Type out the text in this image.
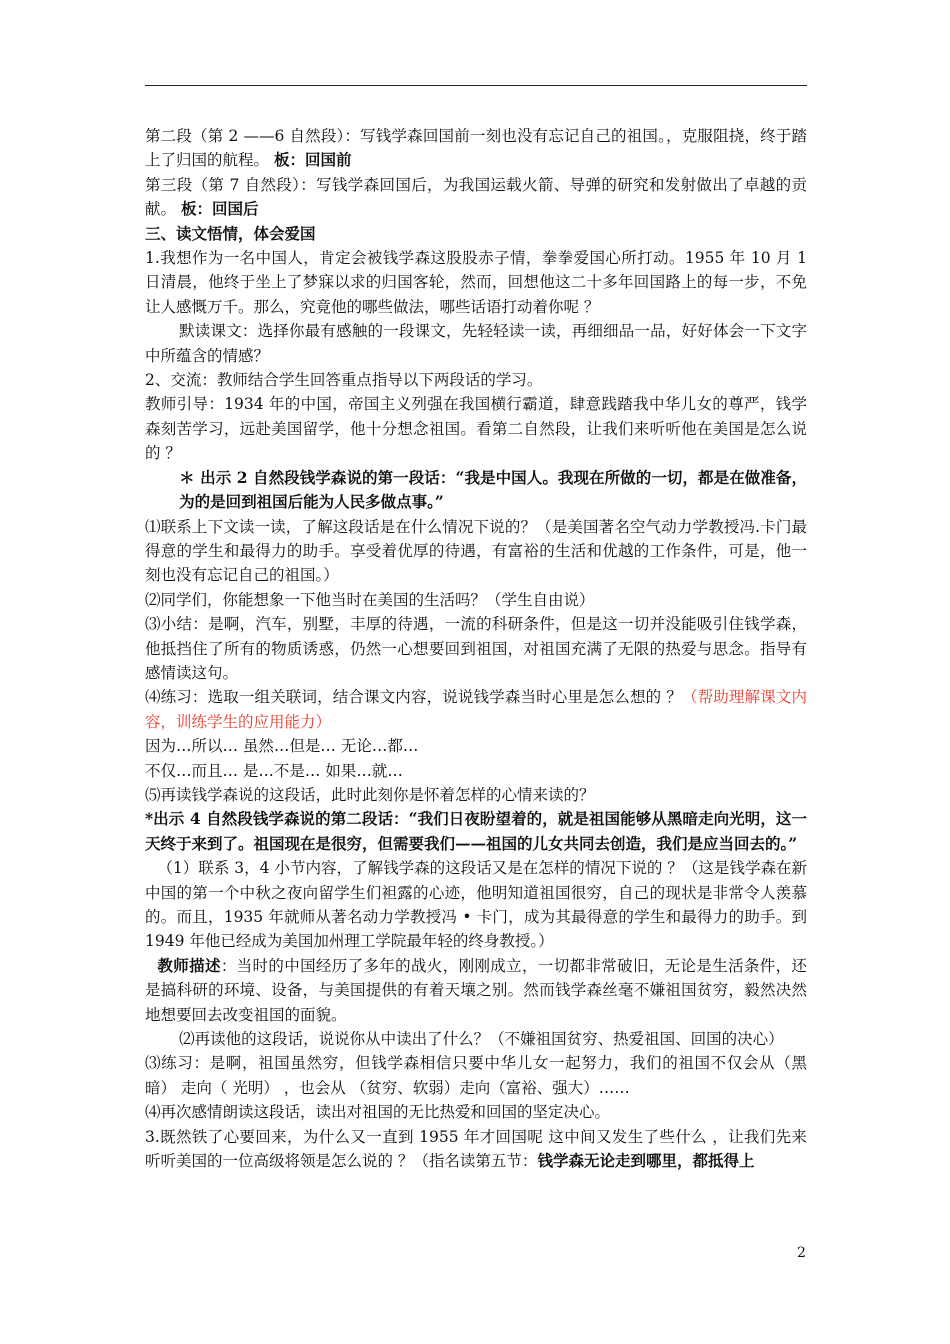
第二段（第 2 ——6 自然段）：写钱学森回国前一刻也没有忘记自己的祖国。，克服阻挠，终于踏上了归国的航程。 板：回国前

第三段（第 7 自然段）：写钱学森回国后，为我国运载火箭、导弹的研究和发射做出了卓越的贡献。 板：回国后

三、读文悟情，体会爱国

1.我想作为一名中国人，肯定会被钱学森这股股赤子情，拳拳爱国心所打动。1955 年 10 月 1 日清晨，他终于坐上了梦寐以求的归国客轮，然而，回想他这二十多年回国路上的每一步，不免让人感慨万千。那么，究竟他的哪些做法，哪些话语打动着你呢 ？

默读课文：选择你最有感触的一段课文，先轻轻读一读，再细细品一品，好好体会一下文字中所蕴含的情感？

2、交流：教师结合学生回答重点指导以下两段话的学习。

教师引导：1934 年的中国，帝国主义列强在我国横行霸道，肆意践踏我中华儿女的尊严，钱学森刻苦学习，远赴美国留学，他十分想念祖国。看第二自然段，让我们来听听他在美国是怎么说的 ？

＊ 出示 2 自然段钱学森说的第一段话：“我是中国人。我现在所做的一切，都是在做准备，为的是回到祖国后能为人民多做点事。”

⑴联系上下文读一读，了解这段话是在什么情况下说的？（是美国著名空气动力学教授冯.卡门最得意的学生和最得力的助手。享受着优厚的待遇，有富裕的生活和优越的工作条件，可是，他一刻也没有忘记自己的祖国。）

⑵同学们，你能想象一下他当时在美国的生活吗？（学生自由说）

⑶小结：是啊，汽车，别墅，丰厚的待遇，一流的科研条件，但是这一切并没能吸引住钱学森，他抵挡住了所有的物质诱惑，仍然一心想要回到祖国，对祖国充满了无限的热爱与思念。指导有感情读这句。

⑷练习：选取一组关联词，结合课文内容，说说钱学森当时心里是怎么想的 ？（帮助理解课文内容，训练学生的应用能力）

因为…所以… 虽然…但是… 无论…都…

不仅…而且… 是…不是… 如果…就…

⑸再读钱学森说的这段话，此时此刻你是怀着怎样的心情来读的？

*出示 4 自然段钱学森说的第二段话：“我们日夜盼望着的，就是祖国能够从黑暗走向光明，这一天终于来到了。祖国现在是很穷，但需要我们——祖国的儿女共同去创造，我们是应当回去的。”

（1）联系 3，4 小节内容，了解钱学森的这段话又是在怎样的情况下说的 ？（这是钱学森在新中国的第一个中秋之夜向留学生们袒露的心迹，他明知道祖国很穷，自己的现状是非常令人羡慕的。而且，1935 年就师从著名动力学教授冯 • 卡门，成为其最得意的学生和最得力的助手。到 1949 年他已经成为美国加州理工学院最年轻的终身教授。）

教师描述：当时的中国经历了多年的战火，刚刚成立，一切都非常破旧，无论是生活条件，还是搞科研的环境、设备，与美国提供的有着天壤之别。然而钱学森丝毫不嫌祖国贫穷，毅然决然地想要回去改变祖国的面貌。

⑵再读他的这段话，说说你从中读出了什么？（不嫌祖国贫穷、热爱祖国、回国的决心）

⑶练习：是啊，祖国虽然穷，但钱学森相信只要中华儿女一起努力，我们的祖国不仅会从（黑暗） 走向（ 光明） ，也会从 （贫穷、软弱）走向（富裕、强大）……

⑷再次感情朗读这段话，读出对祖国的无比热爱和回国的坚定决心。

3.既然铁了心要回来，为什么又一直到 1955 年才回国呢 这中间又发生了些什么 ，让我们先来听听美国的一位高级将领是怎么说的 ？（指名读第五节：钱学森无论走到哪里，都抵得上

2
